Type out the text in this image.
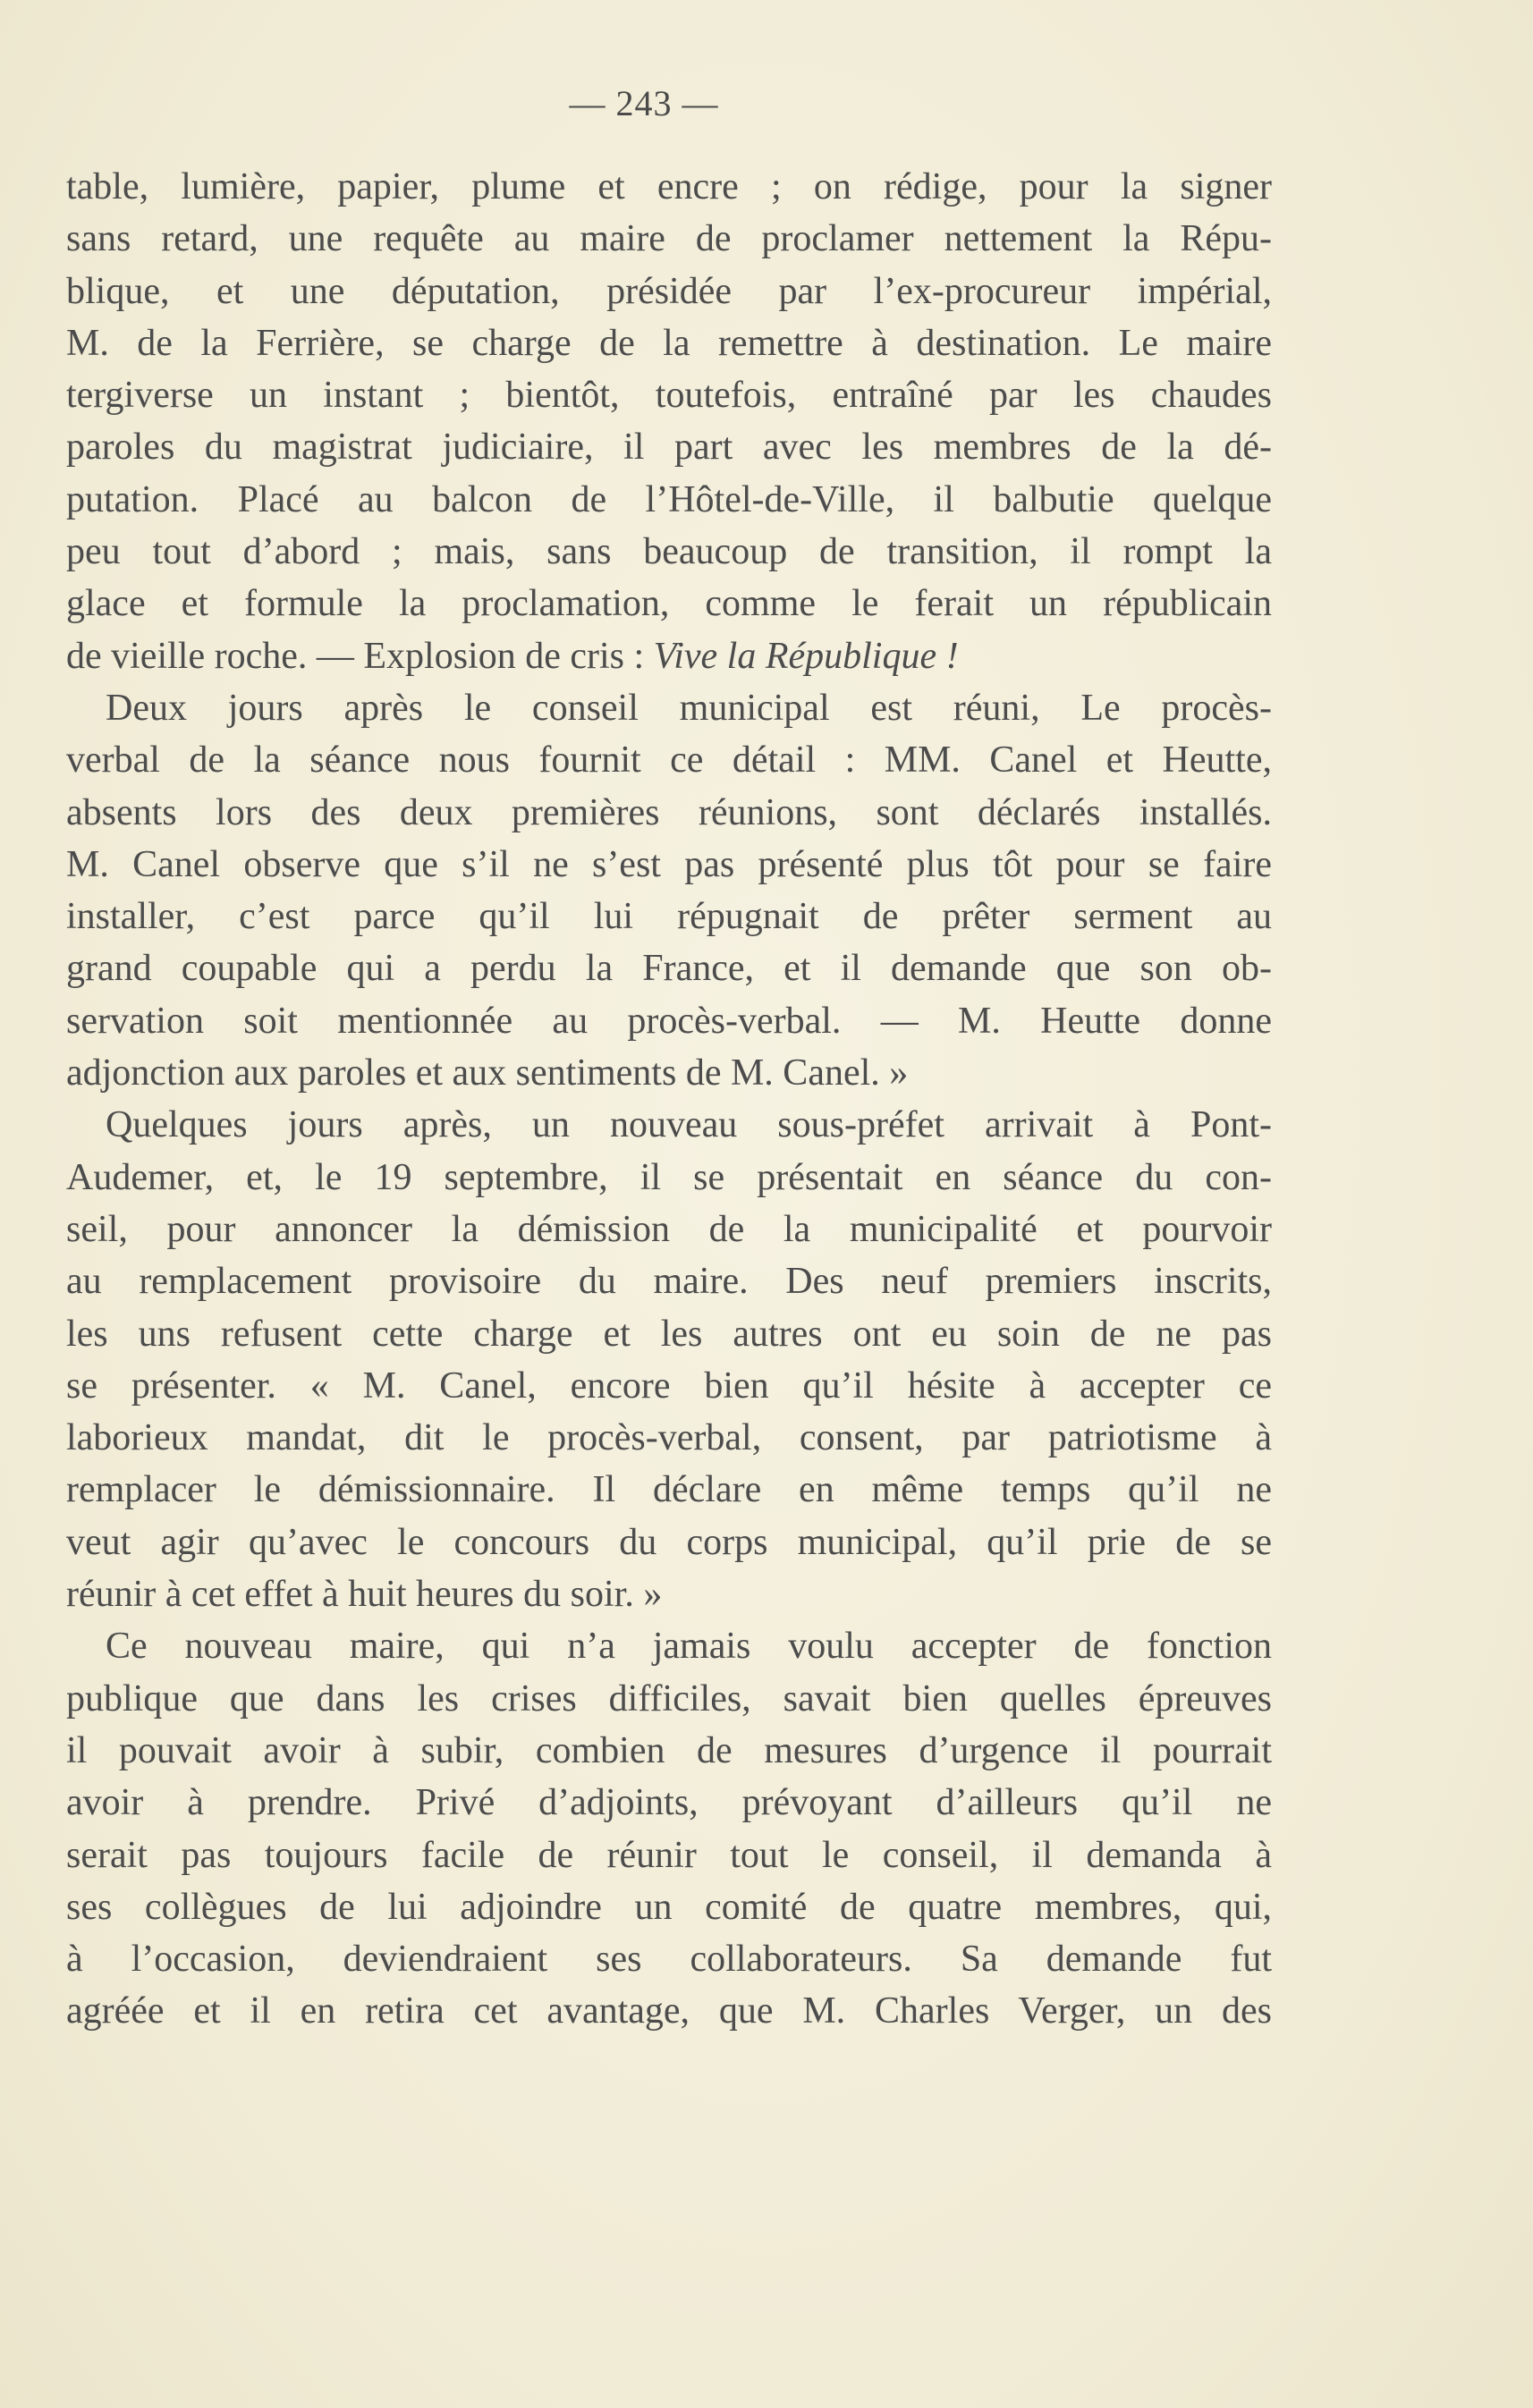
— 243 —
table, lumière, papier, plume et encre ; on rédige, pour la signer
sans retard, une requête au maire de proclamer nettement la Répu-
blique, et une députation, présidée par l’ex-procureur impérial,
M. de la Ferrière, se charge de la remettre à destination. Le maire
tergiverse un instant ; bientôt, toutefois, entraîné par les chaudes
paroles du magistrat judiciaire, il part avec les membres de la dé-
putation. Placé au balcon de l’Hôtel-de-Ville, il balbutie quelque
peu tout d’abord ; mais, sans beaucoup de transition, il rompt la
glace et formule la proclamation, comme le ferait un républicain
de vieille roche. — Explosion de cris : Vive la République !
Deux jours après le conseil municipal est réuni, Le procès-
verbal de la séance nous fournit ce détail : MM. Canel et Heutte,
absents lors des deux premières réunions, sont déclarés installés.
M. Canel observe que s’il ne s’est pas présenté plus tôt pour se faire
installer, c’est parce qu’il lui répugnait de prêter serment au
grand coupable qui a perdu la France, et il demande que son ob-
servation soit mentionnée au procès-verbal. — M. Heutte donne
adjonction aux paroles et aux sentiments de M. Canel. »
Quelques jours après, un nouveau sous-préfet arrivait à Pont-
Audemer, et, le 19 septembre, il se présentait en séance du con-
seil, pour annoncer la démission de la municipalité et pourvoir
au remplacement provisoire du maire. Des neuf premiers inscrits,
les uns refusent cette charge et les autres ont eu soin de ne pas
se présenter. « M. Canel, encore bien qu’il hésite à accepter ce
laborieux mandat, dit le procès-verbal, consent, par patriotisme à
remplacer le démissionnaire. Il déclare en même temps qu’il ne
veut agir qu’avec le concours du corps municipal, qu’il prie de se
réunir à cet effet à huit heures du soir. »
Ce nouveau maire, qui n’a jamais voulu accepter de fonction
publique que dans les crises difficiles, savait bien quelles épreuves
il pouvait avoir à subir, combien de mesures d’urgence il pourrait
avoir à prendre. Privé d’adjoints, prévoyant d’ailleurs qu’il ne
serait pas toujours facile de réunir tout le conseil, il demanda à
ses collègues de lui adjoindre un comité de quatre membres, qui,
à l’occasion, deviendraient ses collaborateurs. Sa demande fut
agréée et il en retira cet avantage, que M. Charles Verger, un des
